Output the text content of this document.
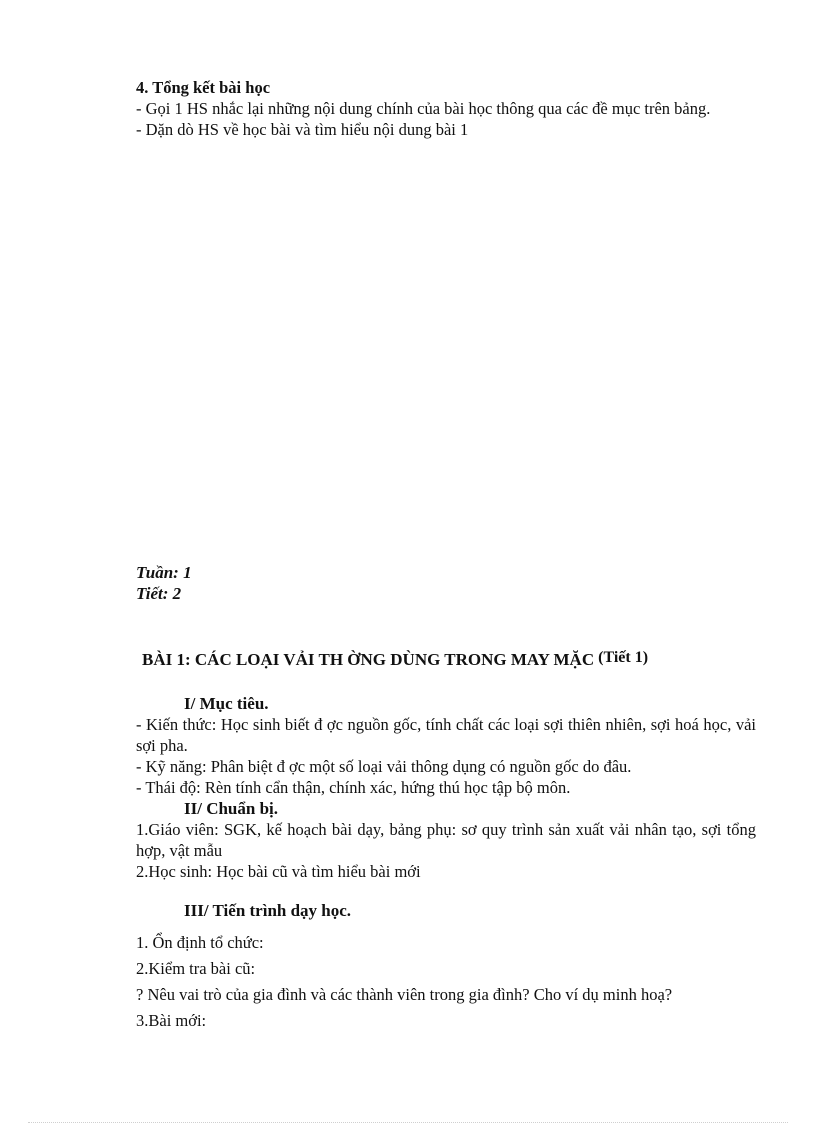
4. Tổng kết bài học

- Gọi 1 HS nhắc lại những nội dung chính của bài học thông qua các đề mục trên bảng.

- Dặn dò HS về học bài và tìm hiểu nội dung bài 1

Tuần: 1

Tiết: 2

BÀI 1: CÁC LOẠI VẢI TH ỜNG DÙNG TRONG MAY MẶC (Tiết 1)

I/ Mục tiêu.

- Kiến thức: Học sinh biết đ ợc nguồn gốc, tính chất các loại sợi thiên nhiên, sợi hoá học, vải sợi pha.

- Kỹ năng: Phân biệt đ ợc một số loại vải thông dụng có nguồn gốc do đâu.

- Thái độ: Rèn tính cẩn thận, chính xác, hứng thú học tập bộ môn.

II/ Chuẩn bị.

1.Giáo viên: SGK, kế hoạch bài dạy, bảng phụ: sơ quy trình sản xuất vải nhân tạo, sợi tổng hợp, vật mẫu

2.Học sinh: Học bài cũ và tìm hiểu bài mới

III/ Tiến trình dạy học.

1. Ổn định tổ chức:

2.Kiểm tra bài cũ:

? Nêu vai trò của gia đình và các thành viên trong gia đình? Cho ví dụ minh hoạ?

3.Bài mới:
